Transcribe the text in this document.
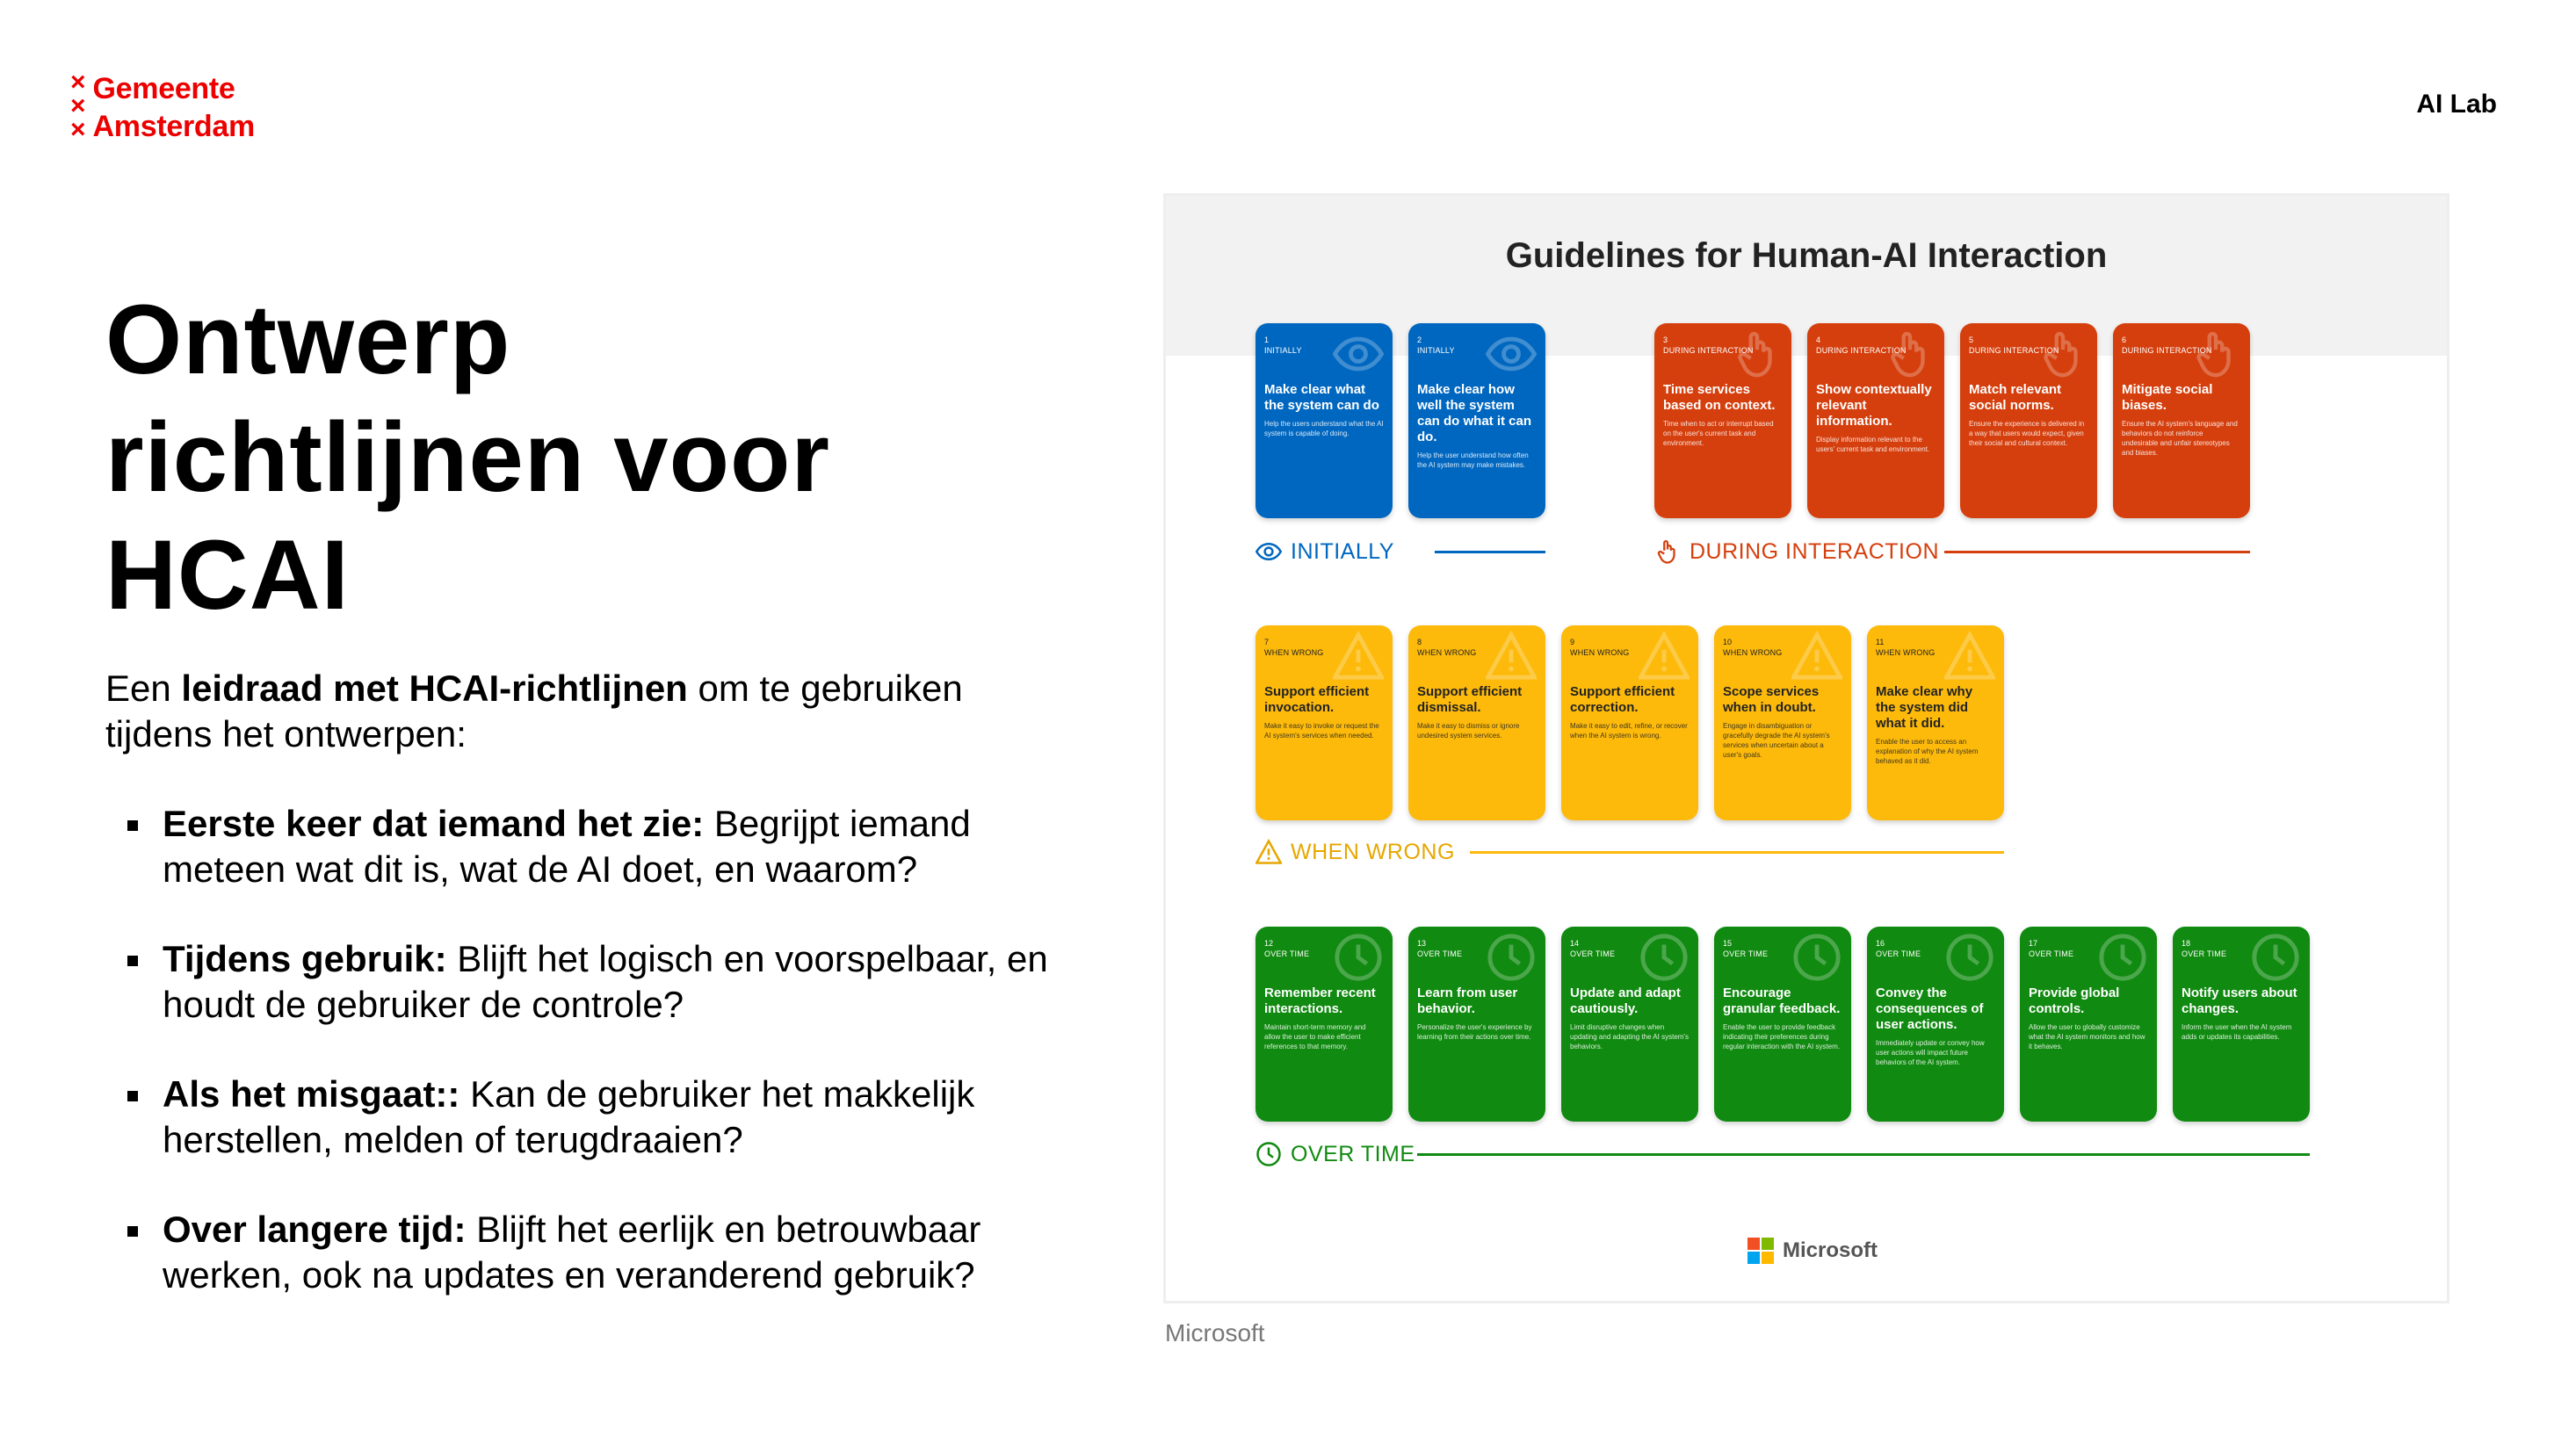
×
×
×
Gemeente
Amsterdam
AI Lab
Ontwerp richtlijnen voor HCAI

Een leidraad met HCAI-richtlijnen om te gebruiken tijdens het ontwerpen:

Eerste keer dat iemand het zie: Begrijpt iemand meteen wat dit is, wat de AI doet, en waarom?
Tijdens gebruik: Blijft het logisch en voorspelbaar, en houdt de gebruiker de controle?
Als het misgaat:: Kan de gebruiker het makkelijk herstellen, melden of terugdraaien?
Over langere tijd: Blijft het eerlijk en betrouwbaar werken, ook na updates en veranderend gebruik?
Guidelines for Human-AI Interaction
1
INITIALLY
Make clear what the system can do
Help the users understand what the AI system is capable of doing.
2
INITIALLY
Make clear how well the system can do what it can do.
Help the user understand how often the AI system may make mistakes.
3
DURING INTERACTION
Time services based on context.
Time when to act or interrupt based on the user's current task and environment.
4
DURING INTERACTION
Show contextually relevant information.
Display information relevant to the users' current task and environment.
5
DURING INTERACTION
Match relevant social norms.
Ensure the experience is delivered in a way that users would expect, given their social and cultural context.
6
DURING INTERACTION
Mitigate social biases.
Ensure the AI system's language and behaviors do not reinforce undesirable and unfair stereotypes and biases.
INITIALLY	DURING INTERACTION
7
WHEN WRONG
Support efficient invocation.
Make it easy to invoke or request the AI system's services when needed.
8
WHEN WRONG
Support efficient dismissal.
Make it easy to dismiss or ignore undesired system services.
9
WHEN WRONG
Support efficient correction.
Make it easy to edit, refine, or recover when the AI system is wrong.
10
WHEN WRONG
Scope services when in doubt.
Engage in disambiguation or gracefully degrade the AI system's services when uncertain about a user's goals.
11
WHEN WRONG
Make clear why the system did what it did.
Enable the user to access an explanation of why the AI system behaved as it did.
WHEN WRONG
12
OVER TIME
Remember recent interactions.
Maintain short-term memory and allow the user to make efficient references to that memory.
13
OVER TIME
Learn from user behavior.
Personalize the user's experience by learning from their actions over time.
14
OVER TIME
Update and adapt cautiously.
Limit disruptive changes when updating and adapting the AI system's behaviors.
15
OVER TIME
Encourage granular feedback.
Enable the user to provide feedback indicating their preferences during regular interaction with the AI system.
16
OVER TIME
Convey the consequences of user actions.
Immediately update or convey how user actions will impact future behaviors of the AI system.
17
OVER TIME
Provide global controls.
Allow the user to globally customize what the AI system monitors and how it behaves.
18
OVER TIME
Notify users about changes.
Inform the user when the AI system adds or updates its capabilities.
OVER TIME
Microsoft
Microsoft
